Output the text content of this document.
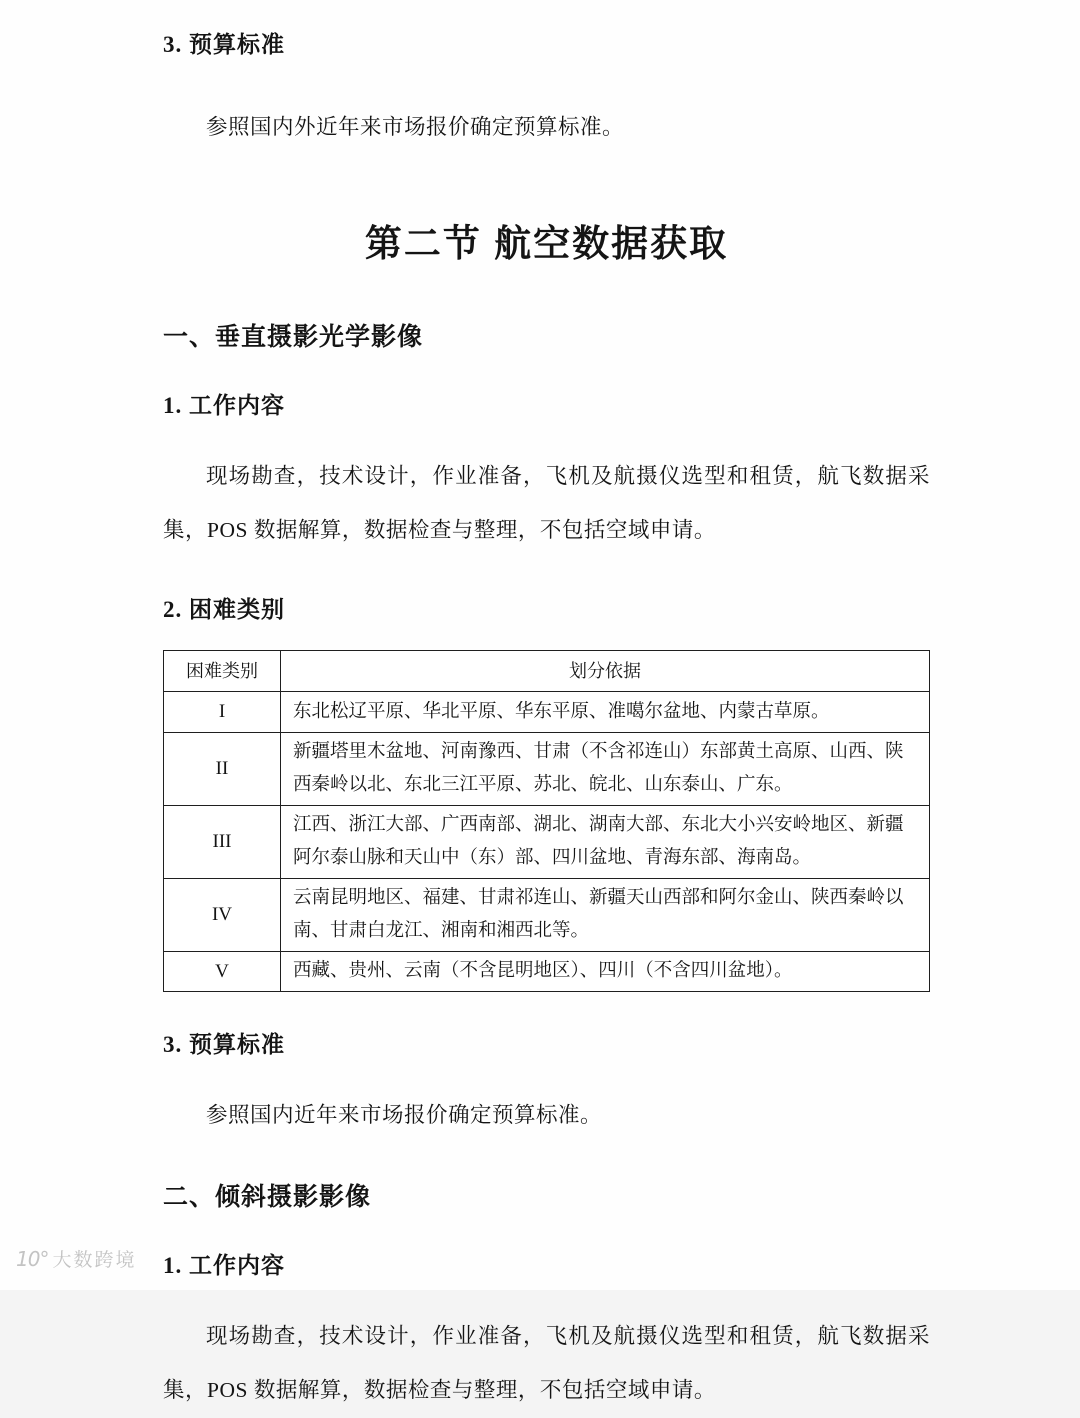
3. 预算标准

参照国内外近年来市场报价确定预算标准。

第二节 航空数据获取
一、垂直摄影光学影像
1. 工作内容

现场勘查，技术设计，作业准备，飞机及航摄仪选型和租赁，航飞数据采集，POS 数据解算，数据检查与整理，不包括空域申请。

2. 困难类别
困难类别	划分依据
I	东北松辽平原、华北平原、华东平原、准噶尔盆地、内蒙古草原。
II	新疆塔里木盆地、河南豫西、甘肃（不含祁连山）东部黄土高原、山西、陕西秦岭以北、东北三江平原、苏北、皖北、山东泰山、广东。
III	江西、浙江大部、广西南部、湖北、湖南大部、东北大小兴安岭地区、新疆阿尔泰山脉和天山中（东）部、四川盆地、青海东部、海南岛。
IV	云南昆明地区、福建、甘肃祁连山、新疆天山西部和阿尔金山、陕西秦岭以南、甘肃白龙江、湘南和湘西北等。
V	西藏、贵州、云南（不含昆明地区）、四川（不含四川盆地）。
3. 预算标准

参照国内近年来市场报价确定预算标准。

二、倾斜摄影影像
1. 工作内容

现场勘查，技术设计，作业准备，飞机及航摄仪选型和租赁，航飞数据采集，POS 数据解算，数据检查与整理，不包括空域申请。

10° 大数跨境
